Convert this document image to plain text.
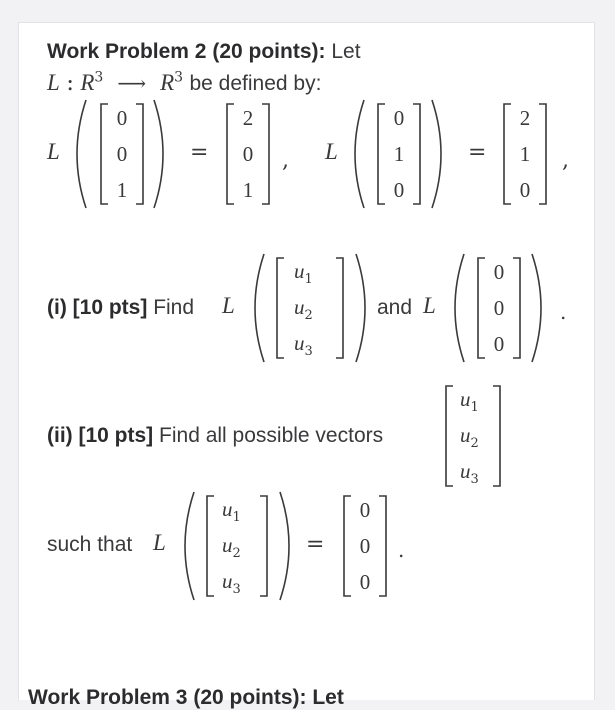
Work Problem 2 (20 points): Let
L : $R^3$ ⟶ $R^3$ be defined by:
L
0
0
1
=
2
0
1
, L
0
1
0
=
2
1
0
,
(i) [10 pts] Find L
$u_1$
$u_2$
$u_3$
and L
0
0
0
.
(ii) [10 pts] Find all possible vectors
$u_1$
$u_2$
$u_3$
such that L
$u_1$
$u_2$
$u_3$
=
0
0
0
.
Work Problem 3 (20 points): Let
